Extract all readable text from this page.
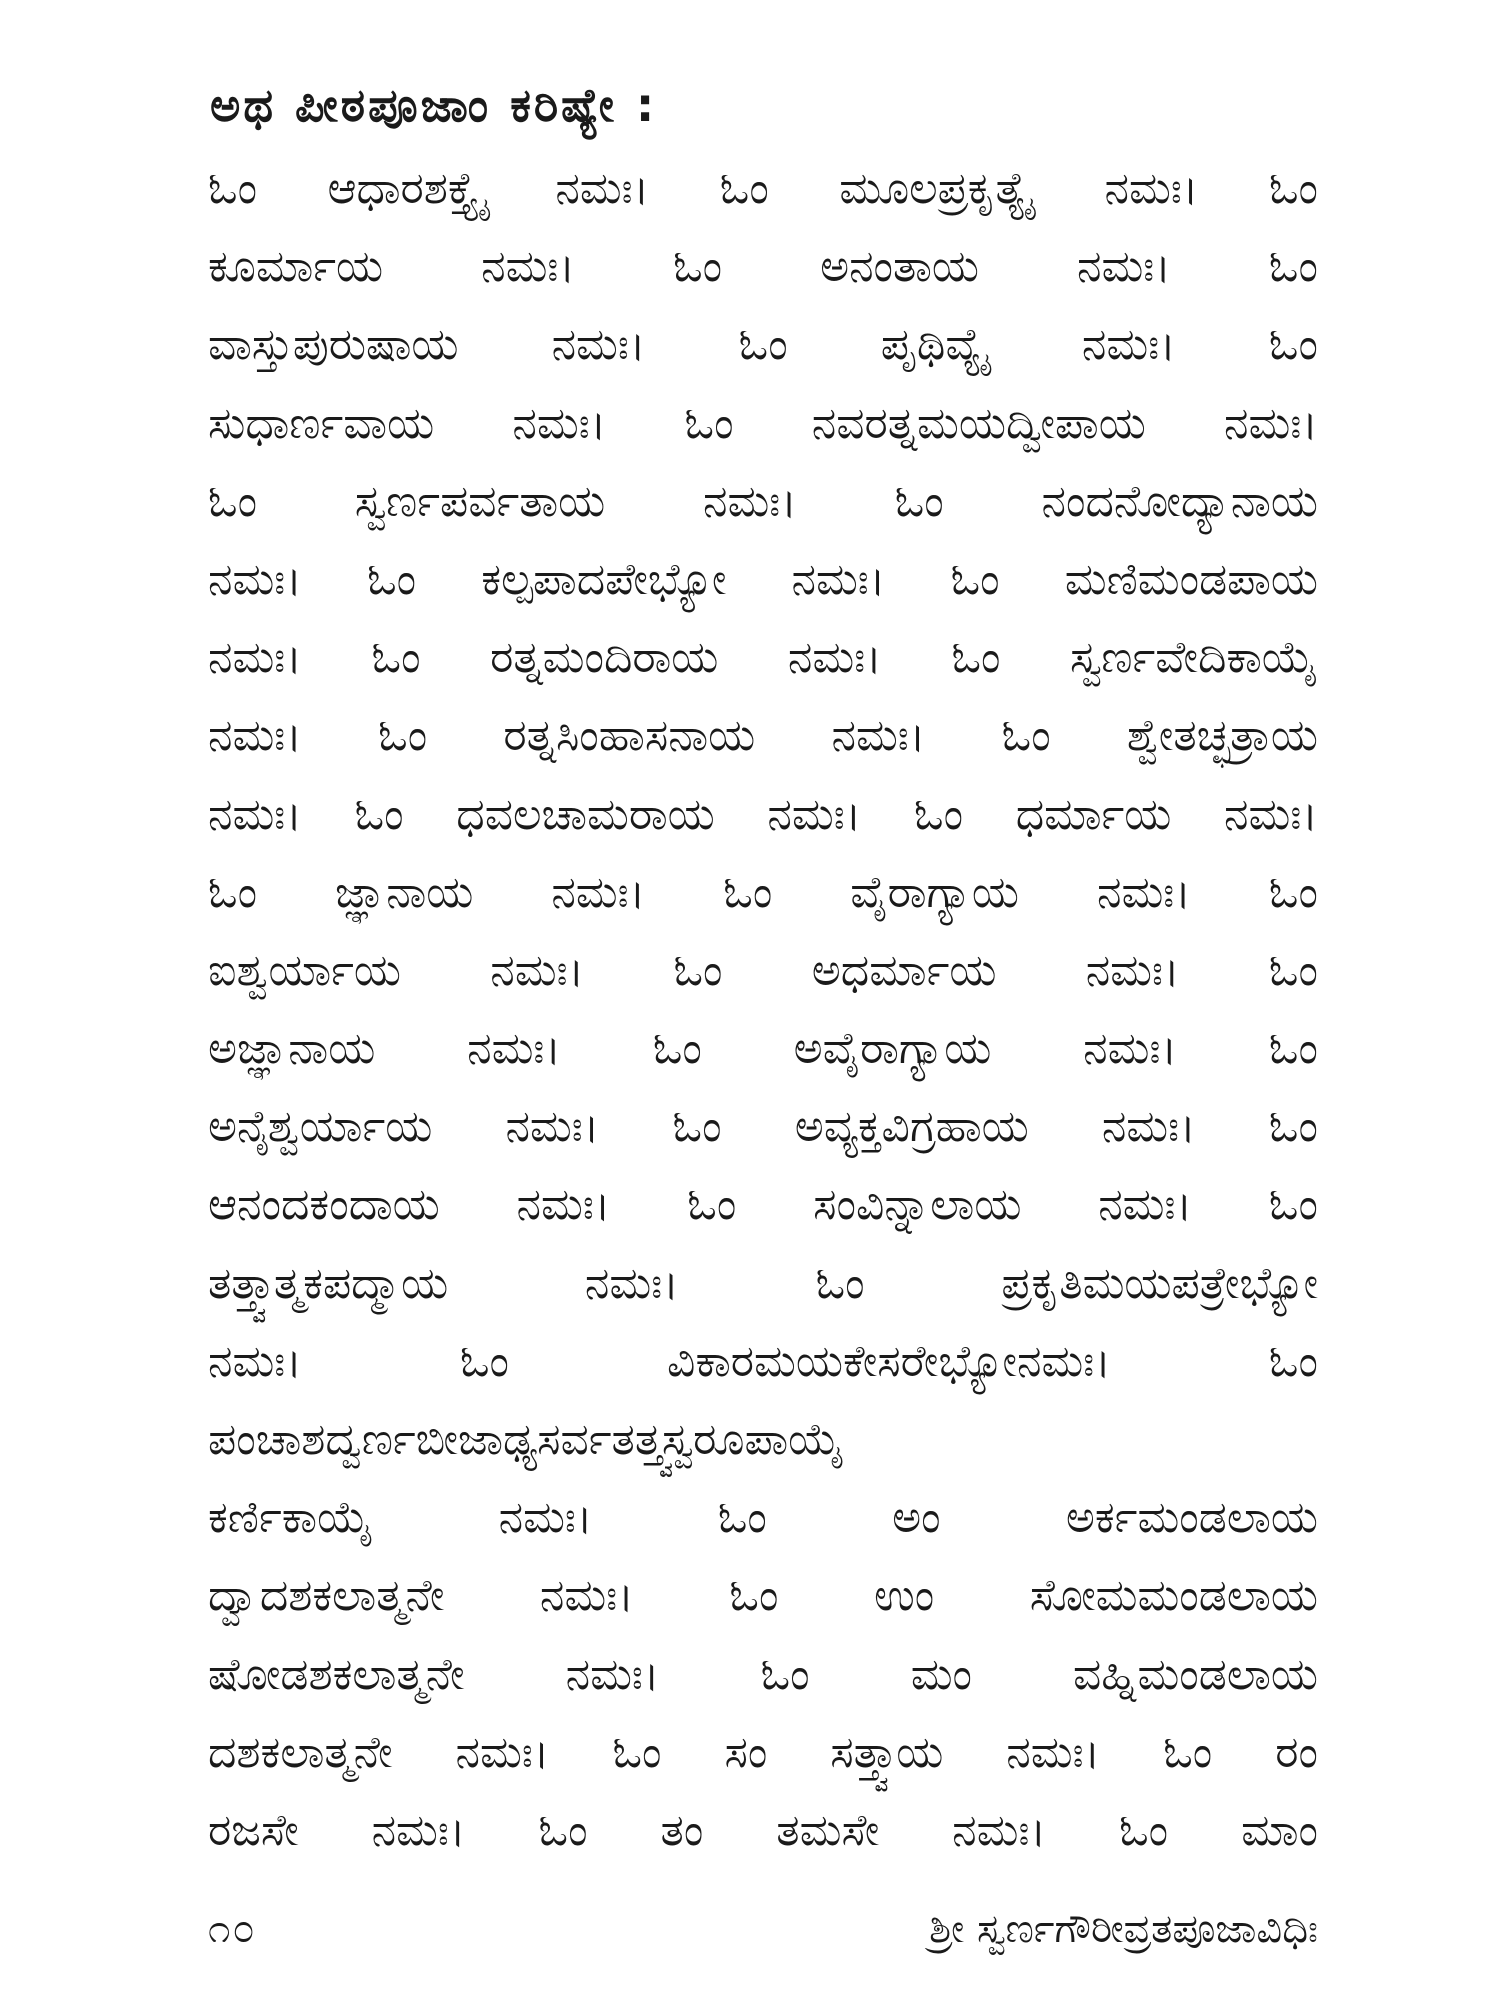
ಅಥ ಪೀಠಪೂಜಾಂ ಕರಿಷ್ಯೇ :
ಓಂ ಆಧಾರಶಕ್ತ್ಯೈ ನಮಃ। ಓಂ ಮೂಲಪ್ರಕೃತ್ಯೈ ನಮಃ। ಓಂ
ಕೂರ್ಮಾಯ ನಮಃ। ಓಂ ಅನಂತಾಯ ನಮಃ। ಓಂ
ವಾಸ್ತುಪುರುಷಾಯ ನಮಃ। ಓಂ ಪೃಥಿವ್ಯೈ ನಮಃ। ಓಂ
ಸುಧಾರ್ಣವಾಯ ನಮಃ। ಓಂ ನವರತ್ನಮಯದ್ವೀಪಾಯ ನಮಃ।
ಓಂ ಸ್ವರ್ಣಪರ್ವತಾಯ ನಮಃ। ಓಂ ನಂದನೋದ್ಯಾನಾಯ
ನಮಃ। ಓಂ ಕಲ್ಪಪಾದಪೇಭ್ಯೋ ನಮಃ। ಓಂ ಮಣಿಮಂಡಪಾಯ
ನಮಃ। ಓಂ ರತ್ನಮಂದಿರಾಯ ನಮಃ। ಓಂ ಸ್ವರ್ಣವೇದಿಕಾಯೈ
ನಮಃ। ಓಂ ರತ್ನಸಿಂಹಾಸನಾಯ ನಮಃ। ಓಂ ಶ್ವೇತಚ್ಛತ್ರಾಯ
ನಮಃ। ಓಂ ಧವಲಚಾಮರಾಯ ನಮಃ। ಓಂ ಧರ್ಮಾಯ ನಮಃ।
ಓಂ ಜ್ಞಾನಾಯ ನಮಃ। ಓಂ ವೈರಾಗ್ಯಾಯ ನಮಃ। ಓಂ
ಐಶ್ವರ್ಯಾಯ ನಮಃ। ಓಂ ಅಧರ್ಮಾಯ ನಮಃ। ಓಂ
ಅಜ್ಞಾನಾಯ ನಮಃ। ಓಂ ಅವೈರಾಗ್ಯಾಯ ನಮಃ। ಓಂ
ಅನೈಶ್ವರ್ಯಾಯ ನಮಃ। ಓಂ ಅವ್ಯಕ್ತವಿಗ್ರಹಾಯ ನಮಃ। ಓಂ
ಆನಂದಕಂದಾಯ ನಮಃ। ಓಂ ಸಂವಿನ್ನಾಲಾಯ ನಮಃ। ಓಂ
ತತ್ತ್ವಾತ್ಮಕಪದ್ಮಾಯ ನಮಃ। ಓಂ ಪ್ರಕೃತಿಮಯಪತ್ರೇಭ್ಯೋ
ನಮಃ। ಓಂ ವಿಕಾರಮಯಕೇಸರೇಭ್ಯೋನಮಃ। ಓಂ
ಪಂಚಾಶದ್ವರ್ಣಬೀಜಾಢ್ಯಸರ್ವತತ್ತ್ವಸ್ವರೂಪಾಯೈ
ಕರ್ಣಿಕಾಯೈ ನಮಃ। ಓಂ ಅಂ ಅರ್ಕಮಂಡಲಾಯ
ದ್ವಾದಶಕಲಾತ್ಮನೇ ನಮಃ। ಓಂ ಉಂ ಸೋಮಮಂಡಲಾಯ
ಷೋಡಶಕಲಾತ್ಮನೇ ನಮಃ। ಓಂ ಮಂ ವಹ್ನಿಮಂಡಲಾಯ
ದಶಕಲಾತ್ಮನೇ ನಮಃ। ಓಂ ಸಂ ಸತ್ತ್ವಾಯ ನಮಃ। ಓಂ ರಂ
ರಜಸೇ ನಮಃ। ಓಂ ತಂ ತಮಸೇ ನಮಃ। ಓಂ ಮಾಂ
೧೦	ಶ್ರೀ ಸ್ವರ್ಣಗೌರೀವ್ರತಪೂಜಾವಿಧಿಃ
